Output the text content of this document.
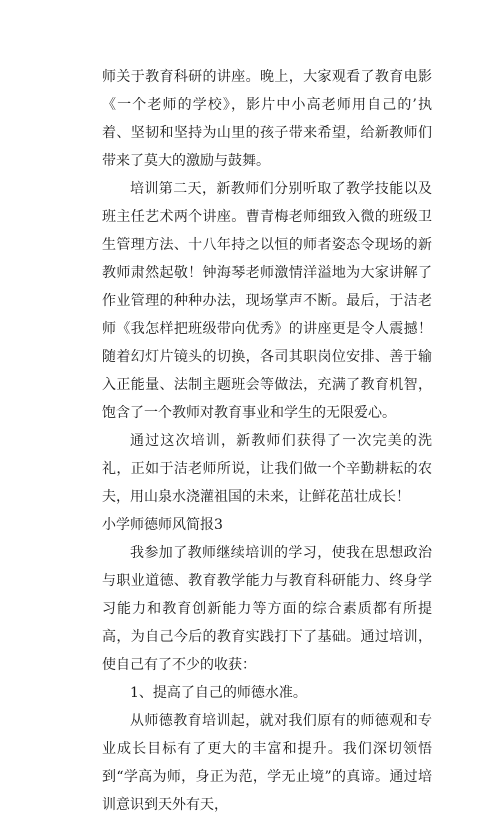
师关于教育科研的讲座。晚上，大家观看了教育电影《一个老师的学校》，影片中小高老师用自己的’执着、坚韧和坚持为山里的孩子带来希望，给新教师们带来了莫大的激励与鼓舞。

培训第二天，新教师们分别听取了教学技能以及班主任艺术两个讲座。曹青梅老师细致入微的班级卫生管理方法、十八年持之以恒的师者姿态令现场的新教师肃然起敬！钟海琴老师激情洋溢地为大家讲解了作业管理的种种办法，现场掌声不断。最后，于洁老师《我怎样把班级带向优秀》的讲座更是令人震撼！随着幻灯片镜头的切换，各司其职岗位安排、善于输入正能量、法制主题班会等做法，充满了教育机智，饱含了一个教师对教育事业和学生的无限爱心。

通过这次培训，新教师们获得了一次完美的洗礼，正如于洁老师所说，让我们做一个辛勤耕耘的农夫，用山泉水浇灌祖国的未来，让鲜花茁壮成长！

小学师德师风简报3

我参加了教师继续培训的学习，使我在思想政治与职业道德、教育教学能力与教育科研能力、终身学习能力和教育创新能力等方面的综合素质都有所提高，为自己今后的教育实践打下了基础。通过培训，使自己有了不少的收获：

1、提高了自己的师德水准。

从师德教育培训起，就对我们原有的师德观和专业成长目标有了更大的丰富和提升。我们深切领悟到“学高为师，身正为范，学无止境”的真谛。通过培训意识到天外有天，
